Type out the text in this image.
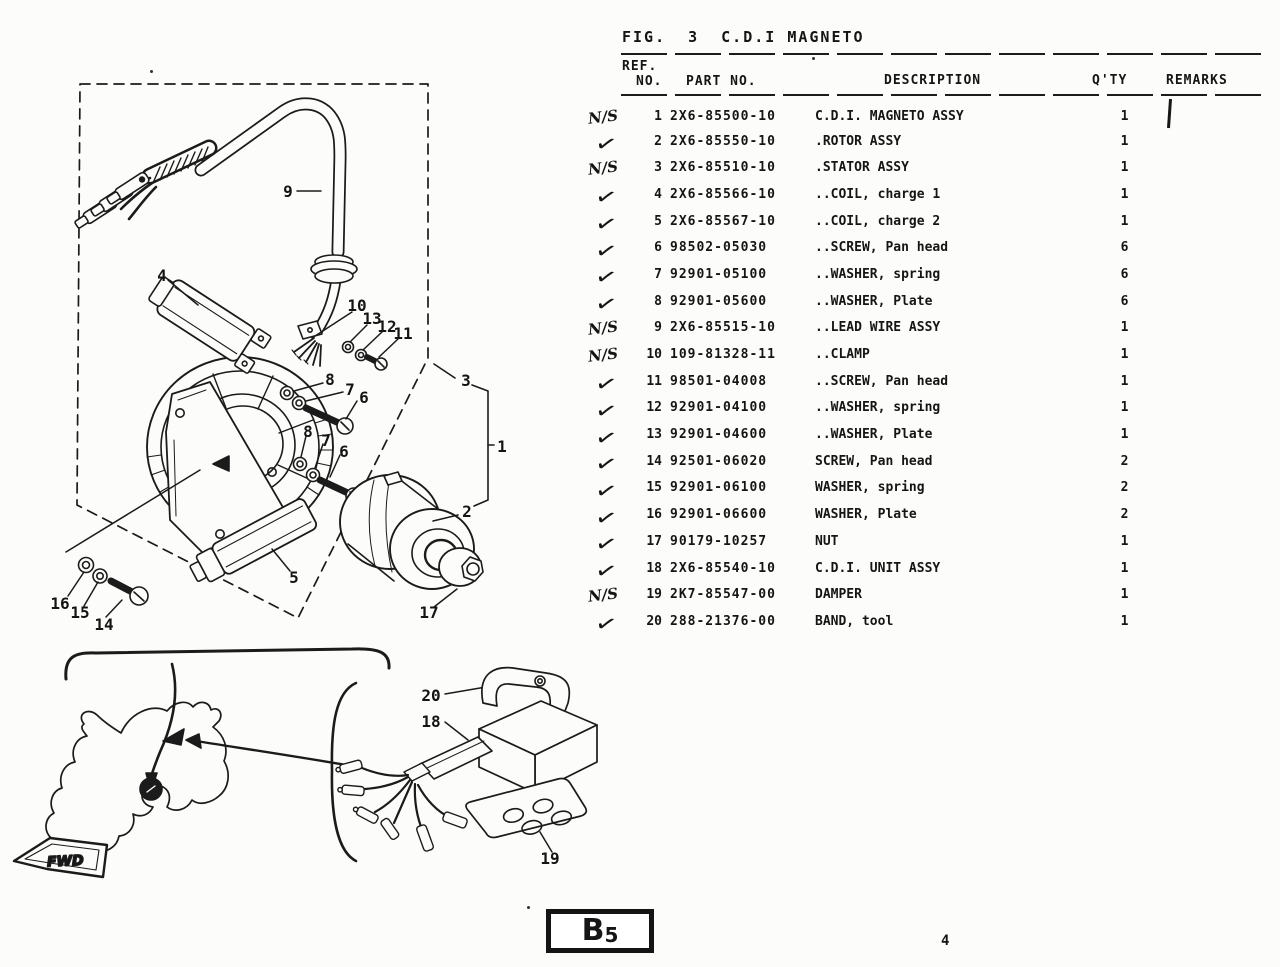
FWD
9
4
10
13
12
11
8
7 6
8 7
6
3
1
2
5
17
16 15
14
20
18
19
FIG. 3 C.D.I MAGNETO
REF.
NO. PART NO.	DESCRIPTION	Q'TY	REMARKS
N/S	1 2X6-85500-10	C.D.I. MAGNETO ASSY	1
✓	2 2X6-85550-10	.ROTOR ASSY	1
N/S	3 2X6-85510-10	.STATOR ASSY	1
✓	4 2X6-85566-10	..COIL, charge 1	1
✓	5 2X6-85567-10	..COIL, charge 2	1
✓	6 98502-05030	..SCREW, Pan head	6
✓	7 92901-05100	..WASHER, spring	6
✓	8 92901-05600	..WASHER, Plate	6
N/S	9 2X6-85515-10	..LEAD WIRE ASSY	1
N/S	10 109-81328-11	..CLAMP	1
✓	11 98501-04008	..SCREW, Pan head	1
✓	12 92901-04100	..WASHER, spring	1
✓	13 92901-04600	..WASHER, Plate	1
✓	14 92501-06020	SCREW, Pan head	2
✓	15 92901-06100	WASHER, spring	2
✓	16 92901-06600	WASHER, Plate	2
✓	17 90179-10257	NUT	1
✓	18 2X6-85540-10	C.D.I. UNIT ASSY	1
N/S	19 2K7-85547-00	DAMPER	1
✓	20 288-21376-00	BAND, tool	1
B 5	4
